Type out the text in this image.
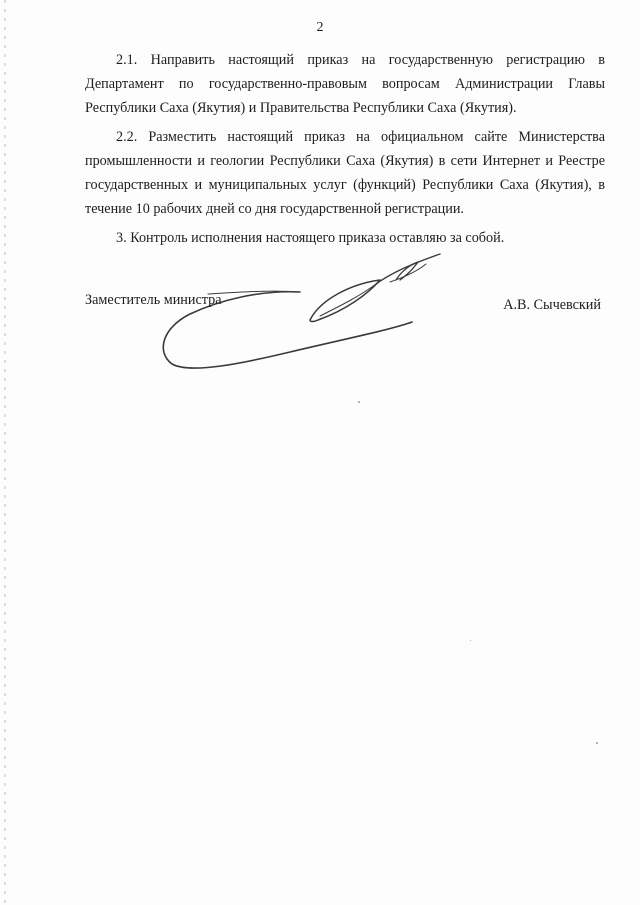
2

2.1. Направить настоящий приказ на государственную регистрацию в Департамент по государственно-правовым вопросам Администрации Главы Республики Саха (Якутия) и Правительства Республики Саха (Якутия).

2.2. Разместить настоящий приказ на официальном сайте Министерства промышленности и геологии Республики Саха (Якутия) в сети Интернет и Реестре государственных и муниципальных услуг (функций) Республики Саха (Якутия), в течение 10 рабочих дней со дня государственной регистрации.

3. Контроль исполнения настоящего приказа оставляю за собой.

Заместитель министра	А.В. Сычевский
